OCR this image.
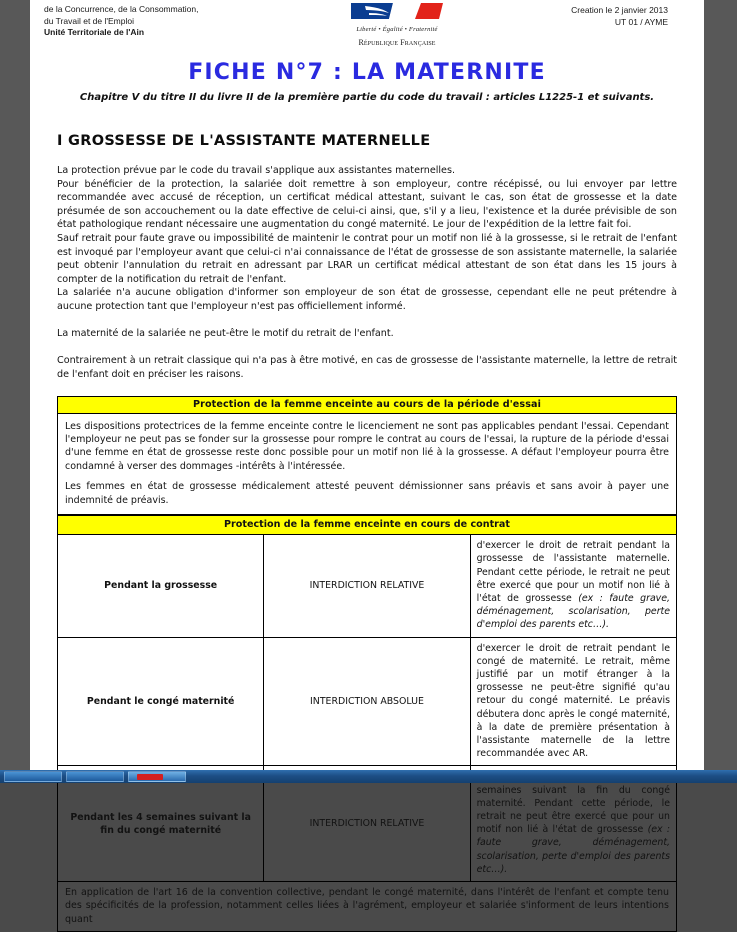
de la Concurrence, de la Consommation,
du Travail et de l'Emploi
Unité Territoriale de l'Ain	Liberté • Égalité • Fraternité
République Française
Creation le 2 janvier 2013
UT 01 / AYME
FICHE N°7 : LA MATERNITE
Chapitre V du titre II du livre II de la première partie du code du travail : articles L1225-1 et suivants.
I GROSSESSE DE L'ASSISTANTE MATERNELLE

La protection prévue par le code du travail s'applique aux assistantes maternelles.

Pour bénéficier de la protection, la salariée doit remettre à son employeur, contre récépissé, ou lui envoyer par lettre recommandée avec accusé de réception, un certificat médical attestant, suivant le cas, son état de grossesse et la date présumée de son accouchement ou la date effective de celui-ci ainsi, que, s'il y a lieu, l'existence et la durée prévisible de son état pathologique rendant nécessaire une augmentation du congé maternité. Le jour de l'expédition de la lettre fait foi.

Sauf retrait pour faute grave ou impossibilité de maintenir le contrat pour un motif non lié à la grossesse, si le retrait de l'enfant est invoqué par l'employeur avant que celui-ci n'ai connaissance de l'état de grossesse de son assistante maternelle, la salariée peut obtenir l'annulation du retrait en adressant par LRAR un certificat médical attestant de son état dans les 15 jours à compter de la notification du retrait de l'enfant.

La salariée n'a aucune obligation d'informer son employeur de son état de grossesse, cependant elle ne peut prétendre à aucune protection tant que l'employeur n'est pas officiellement informé.

La maternité de la salariée ne peut-être le motif du retrait de l'enfant.

Contrairement à un retrait classique qui n'a pas à être motivé, en cas de grossesse de l'assistante maternelle, la lettre de retrait de l'enfant doit en préciser les raisons.

Protection de la femme enceinte au cours de la période d'essai

Les dispositions protectrices de la femme enceinte contre le licenciement ne sont pas applicables pendant l'essai. Cependant l'employeur ne peut pas se fonder sur la grossesse pour rompre le contrat au cours de l'essai, la rupture de la période d'essai d'une femme en état de grossesse reste donc possible pour un motif non lié à la grossesse. A défaut l'employeur pourra être condamné à verser des dommages -intérêts à l'intéressée.

Les femmes en état de grossesse médicalement attesté peuvent démissionner sans préavis et sans avoir à payer une indemnité de préavis.

Protection de la femme enceinte en cours de contrat		
Pendant la grossesse	INTERDICTION RELATIVE	d'exercer le droit de retrait pendant la grossesse de l'assistante maternelle. Pendant cette période, le retrait ne peut être exercé que pour un motif non lié à l'état de grossesse (ex : faute grave, déménagement, scolarisation, perte d'emploi des parents etc…).
Pendant le congé maternité	INTERDICTION ABSOLUE	d'exercer le droit de retrait pendant le congé de maternité. Le retrait, même justifié par un motif étranger à la grossesse ne peut-être signifié qu'au retour du congé maternité. Le préavis débutera donc après le congé maternité, à la date de première présentation à l'assistante maternelle de la lettre recommandée avec AR.
Pendant les 4 semaines suivant la fin du congé maternité	INTERDICTION RELATIVE	semaines suivant la fin du congé maternité. Pendant cette période, le retrait ne peut être exercé que pour un motif non lié à l'état de grossesse (ex : faute grave, déménagement, scolarisation, perte d'emploi des parents etc…).
En application de l'art 16 de la convention collective, pendant le congé maternité, dans l'intérêt de l'enfant et compte tenu des spécificités de la profession, notamment celles liées à l'agrément, employeur et salariée s'informent de leurs intentions quant		
